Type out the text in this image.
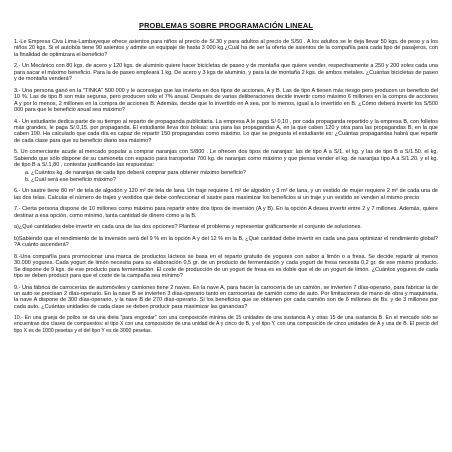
PROBLEMAS SOBRE PROGRAMACIÓN LINEAL

1.-Le Empresa Civa Lima-Lambayeque ofrece asientos para niños al precio de S/.30 y para adultos al precio de S/50 . A los adultos se le deja llevar 50 kgs. de peso y a los niños 20 kgs. Si el autobús tiene 90 asientos y admite un equipaje de hasta 3 000 kg.¿Cuál ha de ser la oferta de asientos de la compañía para cada tipo de pasajeros, con la finalidad de optimizara el beneficio?

2.- Un Mecánico con 80 kgs. de acero y 120 kgs. de aluminio quiere hacer bicicletas de paseo y de montaña que quiere vender, respectivamente a 250 y 200 soles cada una para sacar el máximo beneficio. Para la de paseo empleará 1 kg. De acero y 3 kgs de aluminio, y para la de montaña 2 kgs. de ambos metales. ¿Cuántas bicicletas de paseo y de montaña venderá?

3.- Una persona ganó en la "TINKA" 500 000 y le aconsejan que las invierta en dos tipos de acciones, A y B. Las de tipo A tienen más riesgo pero producen un beneficio del 10 %. Las de tipo B son más seguras, pero producen sólo el 7% anual. Después de varias deliberaciones decide invertir como máximo 6 millones en la compra de acciones A y por lo menos, 2 millones en la compra de acciones B. Además, decide que lo invertido en A sea, por lo menos, igual a lo invertido en B. ¿Cómo deberá invertir los S/500 000 para que le beneficio anual sea máximo?

4.- Un estudiante dedica parte de su tiempo al reparto de propaganda publicitaria. La empresa A le paga S/ 0,10 , por cada propaganda repartido y la empresa B, con folletos más grandes, le paga S/.0,15. por propaganda. El estudiante lleva dos bolsas: una para las propagandas A, en la que caben 120 y otra para las propagandas B, en la que caben 100. Ha calculado que cada día es capaz de repartir 150 propagandas como máximo. Lo que se pregunta el estudiante es: ¿Cuántas propagandas habrá que repartir de cada clase para que su beneficio diario sea máximo?

5. Un comerciante acude al mercado popular a comprar naranjas con S/800 . Le ofrecen dos tipos de naranjas: las de tipo A a S/1. el kg. y las de tipo B a S/1.50. el kg. Sabiendo que sólo dispone de su camioneta con espacio para transportar 700 kg. de naranjas como máximo y que piensa vender el kg. de naranjas tipo A a S/1.20. y el kg. de tipo B a S/.1,80 , contestar justificando las respuestas:

a. ¿Cuántos kg. de naranjas de cada tipo deberá comprar para obtener máximo beneficio?

b. ¿Cuál será ese beneficio máximo?

6.- Un sastre tiene 80 m² de tela de algodón y 120 m² de tela de lana. Un traje requiere 1 m² de algodón y 3 m² de lana, y un vestido de mujer requiere 2 m² de cada una de las dos telas. Calcular el número de trajes y vestidos que debe confeccionar el sastre para maximizar los beneficios si un traje y un vestido se venden al mismo precio

7.- Cierta persona dispone de 10 millones como máximo para repartir entre dos tipos de inversión (A y B). En la opción A desea invertir entre 2 y 7 millones. Además, quiere destinar a esa opción, como mínimo, tanta cantidad de dinero como a la B.

a)¿Qué cantidades debe invertir en cada una de las dos opciones? Plantear el problema y representar gráficamente el conjunto de soluciones.

b)Sabiendo que el rendimiento de la inversión será del 9 % en la opción A y del 12 % en la B, ¿Qué cantidad debe invertir en cada una para optimizar el rendimiento global? ?A cuánto ascenderá?

8.-Una compañía para promocionar una marca de productos lácteos se basa en el reparto gratuito de yogures con sabor a limón o a fresa. Se decide repartir al menos 30.000 yogures. Cada yogurt de limón necesita para su elaboración 0,5 gr. de un producto de fermentación y cada yogurt de fresa necesita 0,2 gr. de ese mismo producto. Se dispone de 9 kgs. de ese producto para fermentación. El coste de producción de un yogurt de fresa es es doble que el de un yogurt de limón. ¿Cuántos yogures de cada tipo se deben producir para que el coste de la campaña sea mínimo?

9.- Una fábrica de carrocerías de automóviles y camiones tiene 2 naves. En la nave A, para hacer la carrocería de un camión, se invierten 7 días-operario, para fabricar la de un auto se precisan 2 días-operario. En la nave B se invierten 3 días-operario tanto en carrocerías de camión como de auto. Por limitaciones de mano de obra y maquinaria, la nave A dispone de 300 días-operario, y la nave B de 270 días-operario. Si los beneficios que se obtienen por cada camión son de 6 millones de Bs. y de 3 millones por cada auto. ¿Cuántas unidades de cada clase se deben producir para maximizar las ganancias?

10.- En una granja de pollos se da una dieta "para engordar" con una composición mínima de 15 unidades de una sustancia A y otras 15 de una sustancia B. En el mercado sólo se encuentran dos clases de compuestos: el tipo X con una composición de una unidad de A y cinco de B, y el tipo Y, con una composición de cinco unidades de A y una de B. El precio del tipo X es de 1000 pesetas y el del tipo Y es de 3000 pesetas.
